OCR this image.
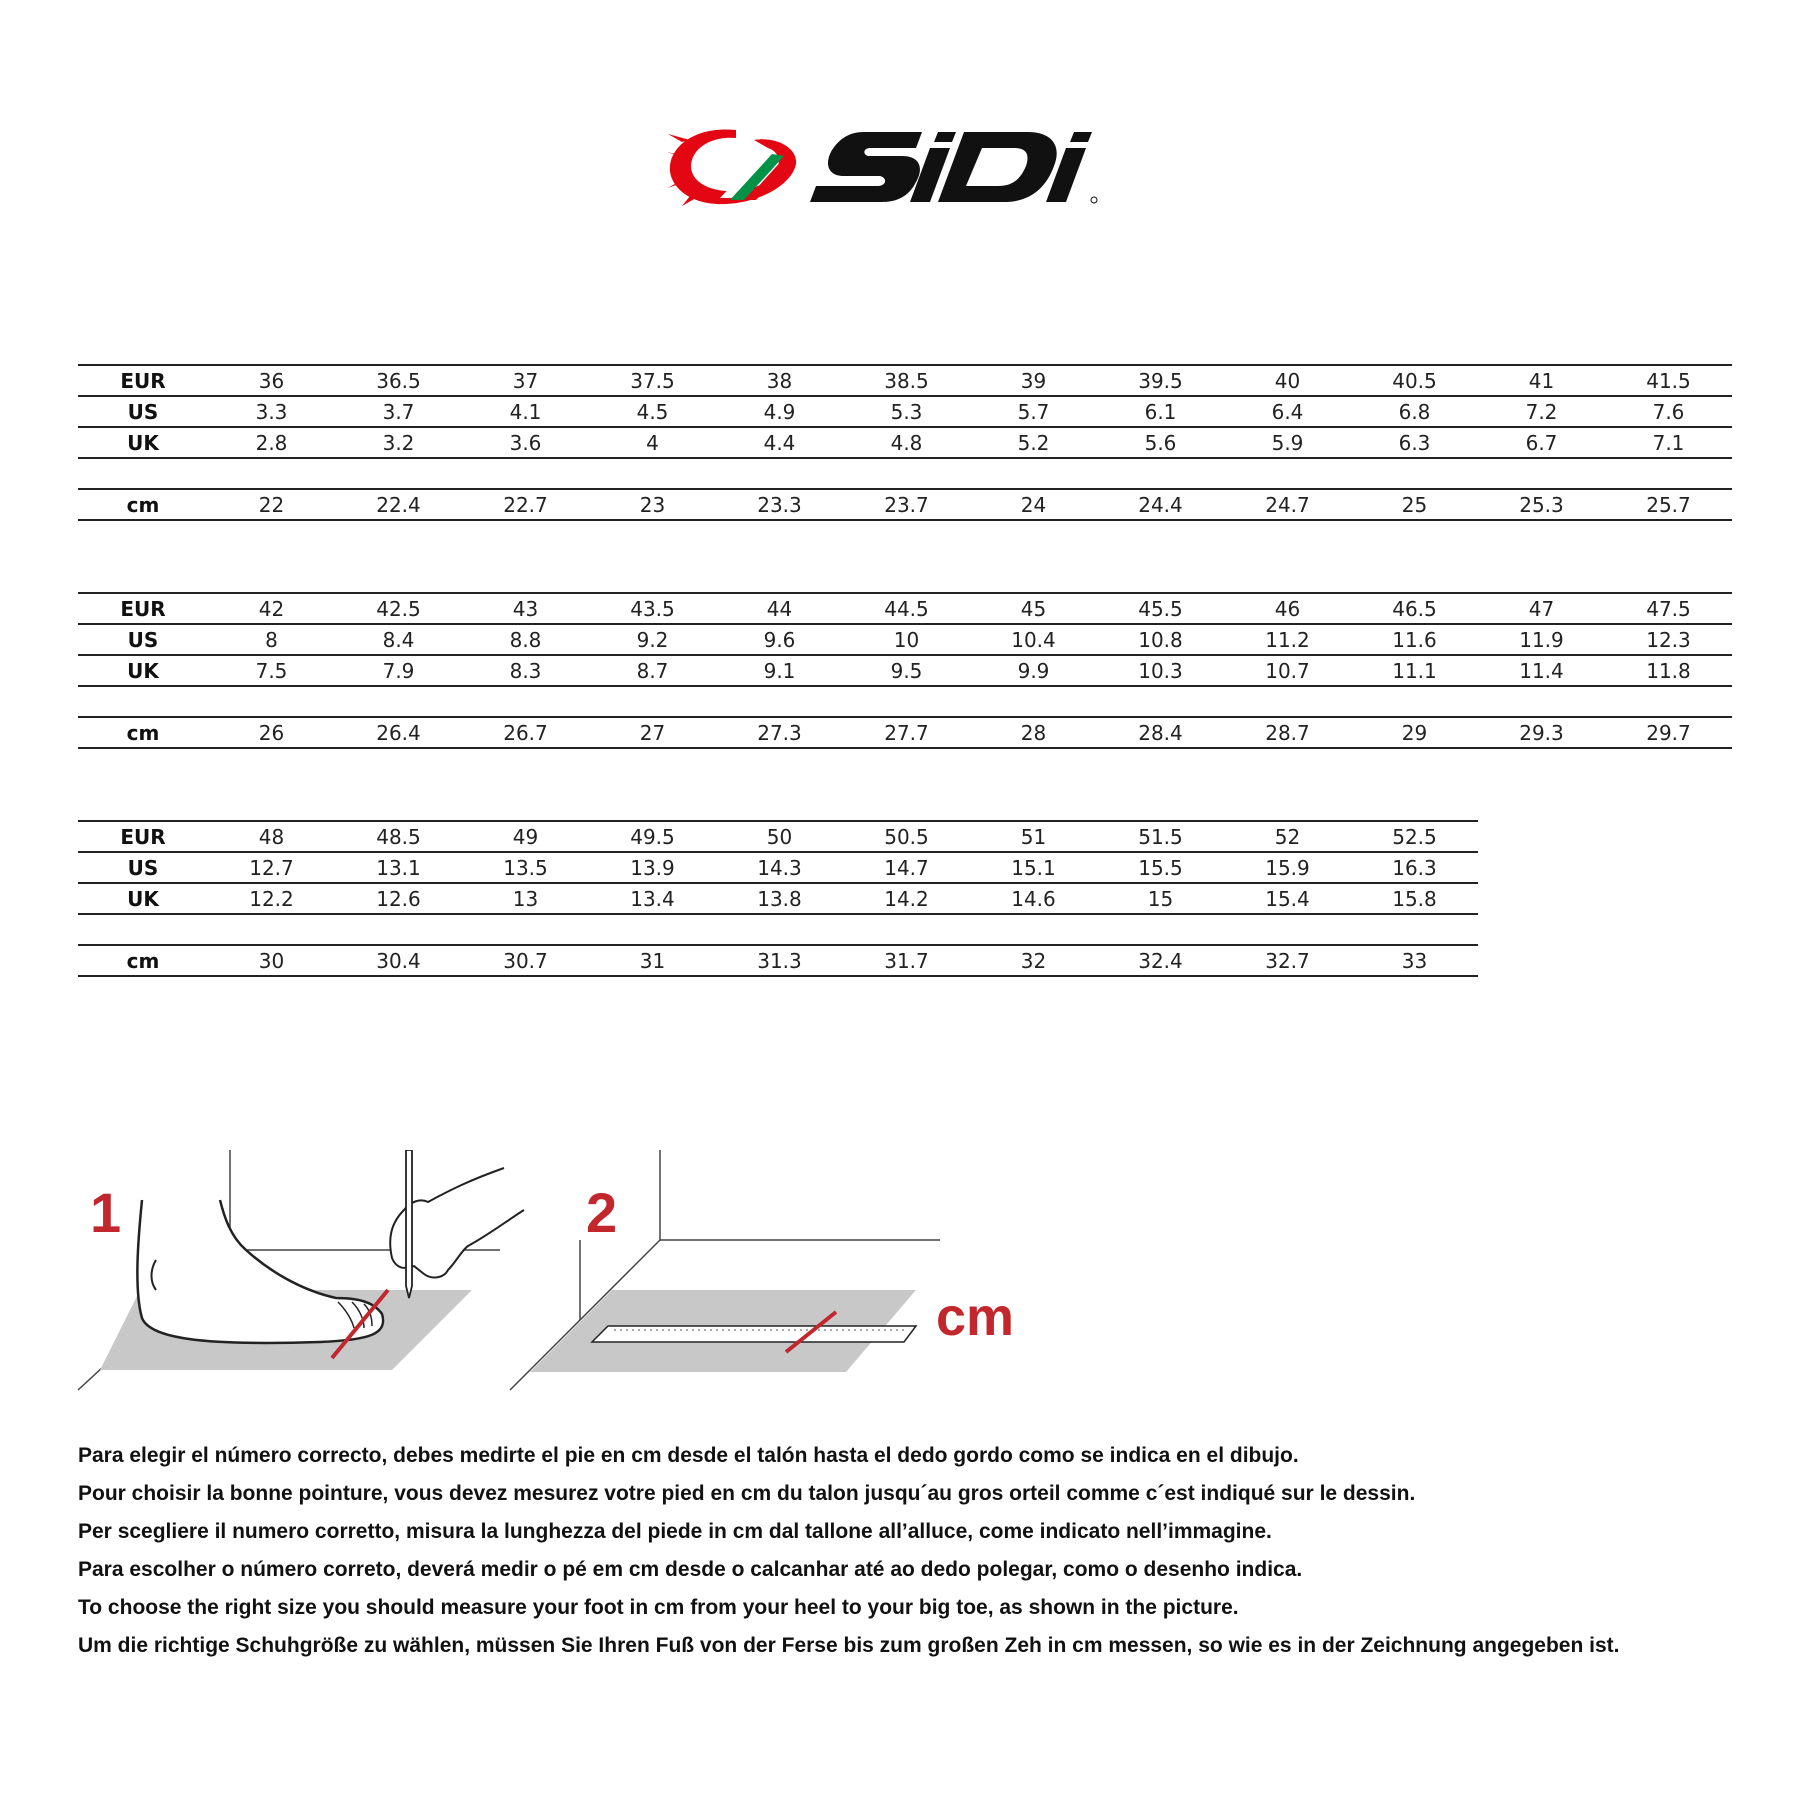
EUR	36	36.5	37	37.5	38	38.5	39	39.5	40	40.5	41	41.5
US	3.3	3.7	4.1	4.5	4.9	5.3	5.7	6.1	6.4	6.8	7.2	7.6
UK	2.8	3.2	3.6	4	4.4	4.8	5.2	5.6	5.9	6.3	6.7	7.1

cm	22	22.4	22.7	23	23.3	23.7	24	24.4	24.7	25	25.3	25.7
EUR	42	42.5	43	43.5	44	44.5	45	45.5	46	46.5	47	47.5
US	8	8.4	8.8	9.2	9.6	10	10.4	10.8	11.2	11.6	11.9	12.3
UK	7.5	7.9	8.3	8.7	9.1	9.5	9.9	10.3	10.7	11.1	11.4	11.8

cm	26	26.4	26.7	27	27.3	27.7	28	28.4	28.7	29	29.3	29.7
EUR	48	48.5	49	49.5	50	50.5	51	51.5	52	52.5
US	12.7	13.1	13.5	13.9	14.3	14.7	15.1	15.5	15.9	16.3
UK	12.2	12.6	13	13.4	13.8	14.2	14.6	15	15.4	15.8

cm	30	30.4	30.7	31	31.3	31.7	32	32.4	32.7	33
1	2
cm
Para elegir el número correcto, debes medirte el pie en cm desde el talón hasta el dedo gordo como se indica en el dibujo.
Pour choisir la bonne pointure, vous devez mesurez votre pied en cm du talon jusqu´au gros orteil comme c´est indiqué sur le dessin.
Per scegliere il numero corretto, misura la lunghezza del piede in cm dal tallone all’alluce, come indicato nell’immagine.
Para escolher o número correto, deverá medir o pé em cm desde o calcanhar até ao dedo polegar, como o desenho indica.
To choose the right size you should measure your foot in cm from your heel to your big toe, as shown in the picture.
Um die richtige Schuhgröße zu wählen, müssen Sie Ihren Fuß von der Ferse bis zum großen Zeh in cm messen, so wie es in der Zeichnung angegeben ist.
